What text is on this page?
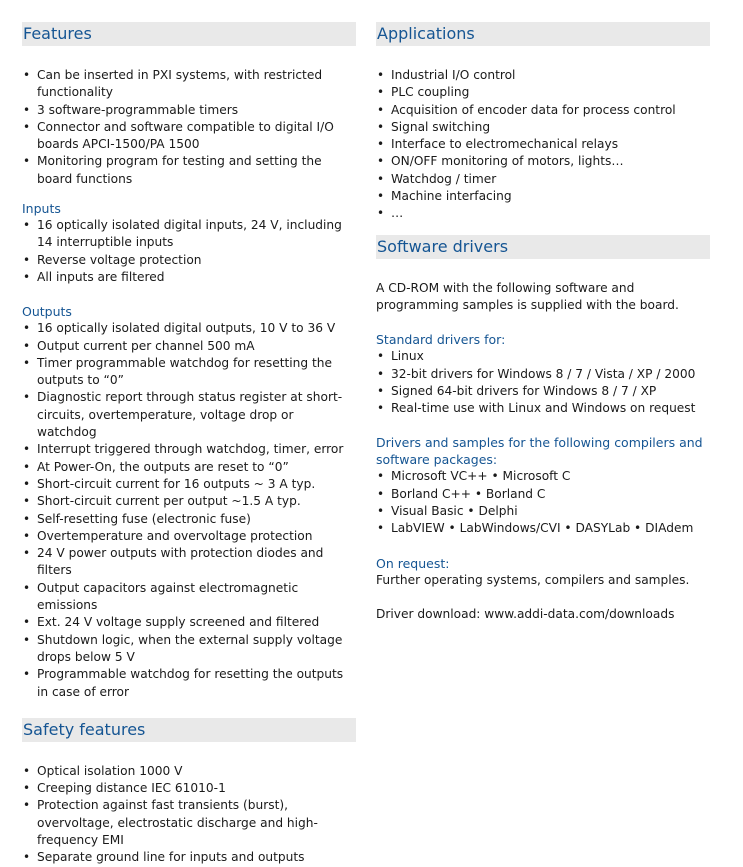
Features
• Can be inserted in PXI systems, with restricted functionality
• 3 software-programmable timers
• Connector and software compatible to digital I/O boards APCI-1500/PA 1500
• Monitoring program for testing and setting the board functions
Inputs
• 16 optically isolated digital inputs, 24 V, including 14 interruptible inputs
• Reverse voltage protection
• All inputs are filtered
Outputs
• 16 optically isolated digital outputs, 10 V to 36 V
• Output current per channel 500 mA
• Timer programmable watchdog for resetting the outputs to “0”
• Diagnostic report through status register at short-circuits, overtemperature, voltage drop or watchdog
• Interrupt triggered through watchdog, timer, error
• At Power-On, the outputs are reset to “0”
• Short-circuit current for 16 outputs ~ 3 A typ.
• Short-circuit current per output ~1.5 A typ.
• Self-resetting fuse (electronic fuse)
• Overtemperature and overvoltage protection
• 24 V power outputs with protection diodes and filters
• Output capacitors against electromagnetic emissions
• Ext. 24 V voltage supply screened and filtered
• Shutdown logic, when the external supply voltage drops below 5 V
• Programmable watchdog for resetting the outputs in case of error
Safety features
• Optical isolation 1000 V
• Creeping distance IEC 61010-1
• Protection against fast transients (burst), overvoltage, electrostatic discharge and high-frequency EMI
• Separate ground line for inputs and outputs
Applications
• Industrial I/O control
• PLC coupling
• Acquisition of encoder data for process control
• Signal switching
• Interface to electromechanical relays
• ON/OFF monitoring of motors, lights…
• Watchdog / timer
• Machine interfacing
• …
Software drivers
A CD-ROM with the following software and programming samples is supplied with the board.
Standard drivers for:
• Linux
• 32-bit drivers for Windows 8 / 7 / Vista / XP / 2000
• Signed 64-bit drivers for Windows 8 / 7 / XP
• Real-time use with Linux and Windows on request
Drivers and samples for the following compilers and software packages:
• Microsoft VC++ • Microsoft C
• Borland C++ • Borland C
• Visual Basic • Delphi
• LabVIEW • LabWindows/CVI • DASYLab • DIAdem
On request:
Further operating systems, compilers and samples.
Driver download: www.addi-data.com/downloads
